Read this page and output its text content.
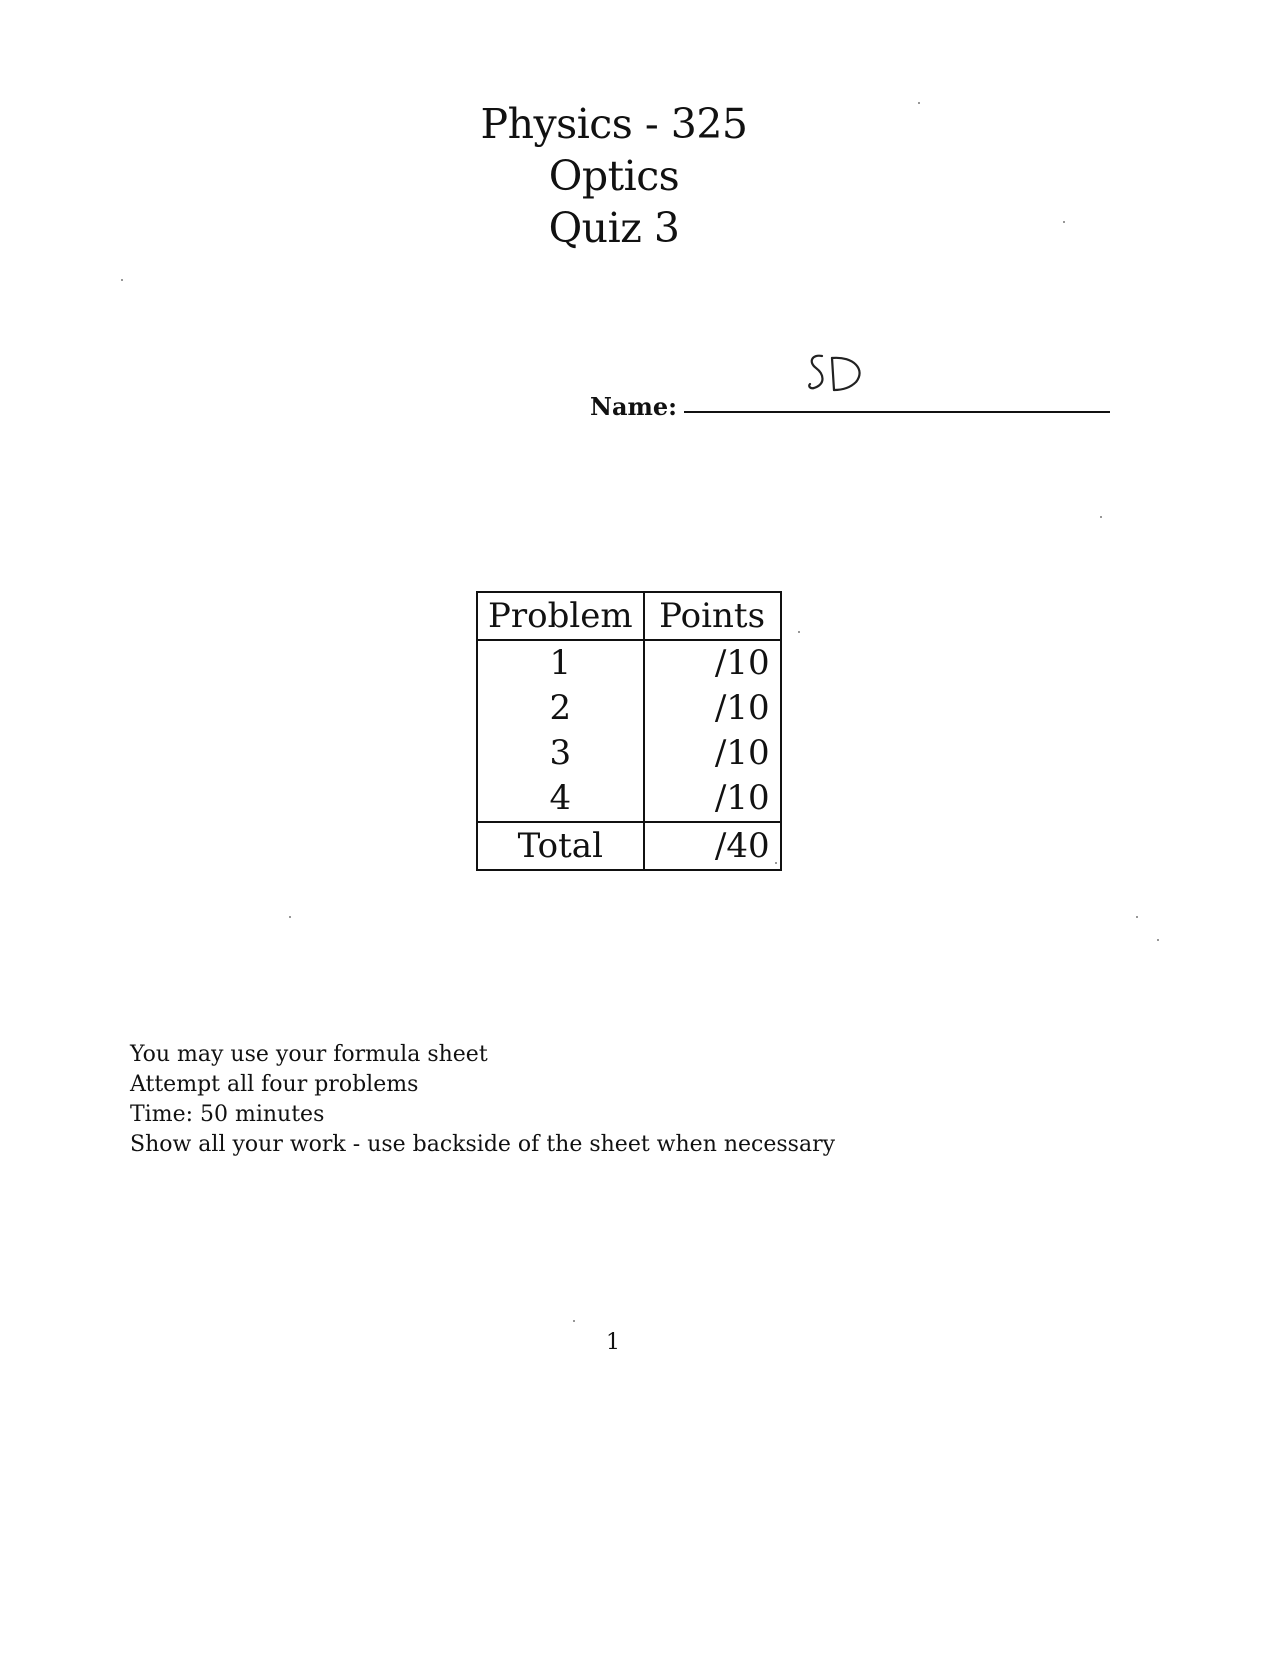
Physics - 325
Optics
Quiz 3
Name:
Problem	Points
1	/10
2	/10
3	/10
4	/10
Total	/40
You may use your formula sheet
Attempt all four problems
Time: 50 minutes
Show all your work - use backside of the sheet when necessary
1
